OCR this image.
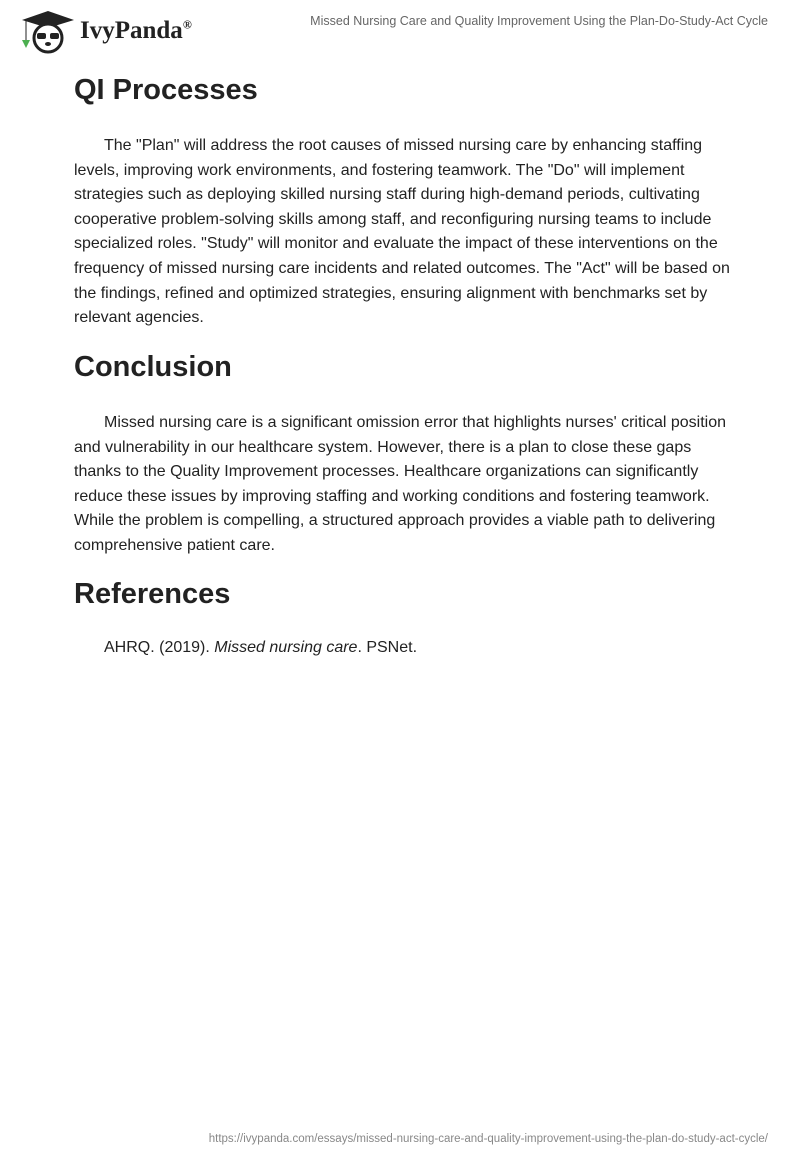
IvyPanda®	Missed Nursing Care and Quality Improvement Using the Plan-Do-Study-Act Cycle
QI Processes

The "Plan" will address the root causes of missed nursing care by enhancing staffing levels, improving work environments, and fostering teamwork. The "Do" will implement strategies such as deploying skilled nursing staff during high-demand periods, cultivating cooperative problem-solving skills among staff, and reconfiguring nursing teams to include specialized roles. "Study" will monitor and evaluate the impact of these interventions on the frequency of missed nursing care incidents and related outcomes. The "Act" will be based on the findings, refined and optimized strategies, ensuring alignment with benchmarks set by relevant agencies.

Conclusion

Missed nursing care is a significant omission error that highlights nurses' critical position and vulnerability in our healthcare system. However, there is a plan to close these gaps thanks to the Quality Improvement processes. Healthcare organizations can significantly reduce these issues by improving staffing and working conditions and fostering teamwork. While the problem is compelling, a structured approach provides a viable path to delivering comprehensive patient care.

References
AHRQ. (2019). Missed nursing care. PSNet.
https://ivypanda.com/essays/missed-nursing-care-and-quality-improvement-using-the-plan-do-study-act-cycle/
